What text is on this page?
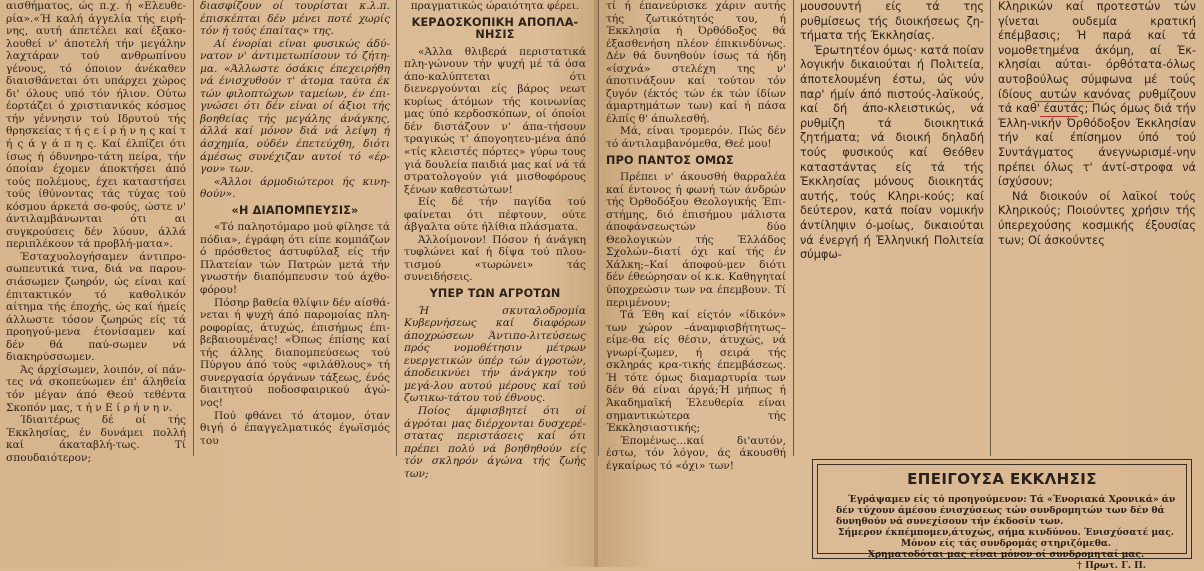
αισθήματος, ώς π.χ. ή «Ελευθε-ρία».«Ή καλή άγγελία τής ειρή-νης, αυτή άπετέλει καί έξακο-λουθεί ν' άποτελή τήν μεγάλην λαχτάραν τού ανθρωπίνου γένους, τό όποιον άνέκαθεν διαισθάνεται ότι υπάρχει χώρος δι' όλους υπό τόν ήλιον. Ούτω έορτάζει ό χριστιανικός κόσμος τήν γέννησιν τού Ιδρυτού τής θρησκείας τ ή ς ε ί ρ ή ν η ς καί τ ή ς ά γ ά π η ς. Καί έλπίζει ότι ίσως ή όδυνηρο-τάτη πείρα, τήν όποίαν έχομεν άποκτήσει άπό τούς πολέμους, έχει καταστήσει τούς ίθύνοντας τάς τύχας τού κόσμου άρκετά σο-φούς, ώστε ν' άντιλαμβάνωνται ότι αι συγκρούσεις δέν λύουν, άλλά περιπλέκουν τά προβλή-ματα».

Έσταχυολογήσαμεν άντιπρο-σωπευτικά τινα, διά να παρου-σιάσωμεν ζωηρόν, ώς είναι καί έπιτακτικόν τό καθολικόν αίτημα τής έποχής, ώς καί ήμείς άλλωστε τόσον ζωηρώς είς τά προηγού-μενα έτονίσαμεν καί δέν θά παύ-σωμεν νά διακηρύσσωμεν.

Άς άρχίσωμεν, λοιπόν, οί πάν-τες νά σκοπεύωμεν έπ' άληθεία τόν μέγαν άπό Θεού τεθέντα Σκοπόν μας, τ ή ν Ε ί ρ ή ν η ν.

Ίδιαιτέρως δέ οί τής Έκκλησίας, έν δυνάμει πολλή καί άκαταβλή-τως. Τί σπουδαιότερον;

διασφίζουν οί τουρίσται κ.λ.π. έπισκέπται δέν μένει ποτέ χωρίς τόν ή τούς έπαίτας» της.

Αί ένορίαι είναι φυσικώς άδύ-νατον ν' άντιμετωπίσουν τό ζήτη-μα. «Άλλωστε όσάκις έπεχειρήθη νά ένισχυθούν τ' άτομα ταύτα έκ τών φιλοπτώχων ταμείων, έν έπι-γνώσει ότι δέν είναι οί άξιοι τής βοηθείας τής μεγάλης άνάγκης, άλλά καί μόνον διά νά λείψη ή άσχημία, ούδέν έπετεύχθη, διότι άμέσως συνέχιζαν αυτοί τό «έρ-γον» των.

«Άλλοι άρμοδιώτεροι ής κινη-θούν».

«Η ΔΙΑΠΟΜΠΕΥΣΙΣ»

«Τό παληοτόμαρο μού φίλησε τά πόδια», έγράφη ότι είπε κομπάζων ό πρόσθετος άστυφύλαξ είς τήν Πλατείαν τών Πατρών μετά τήν γνωστήν διαπόμπευσιν τού άχθο-φόρου!

Πόσηρ βαθεία θλίψιν δέν αίσθά-νεται ή ψυχή άπό παρομοίας πλη-ροφορίας, άτυχώς, έπισήμως έπι-βεβαιουμένας! «Όπως έπίσης καί τής άλλης διαπομπεύσεως τού Πύργου άπό τούς «φιλάθλους» τή συνεργασία όργάνων τάξεως, ένός διαιτητού ποδοσφαιρικού άγώ-νος!

Πού φθάνει τό άτομον, όταν θιγή ό έπαγγελματικός έγωϊσμός του

πραγματικώς ώραιότητα φέρει.

ΚΕΡΔΟΣΚΟΠΙΚΗ ΑΠΟΠΛΑ-ΝΗΣΙΣ

«Άλλα θλιβερά περιστατικά πλη-γώνουν τήν ψυχή μέ τά όσα άπο-καλύπτεται ότι διενεργούνται είς βάρος νεωτ κυρίως άτόμων τής κοινωνίας μας ύπό κερδοσκόπων, οί όποίοι δέν διστάζουν ν' άπα-τήσουν τραγικώς τ' άπογοητευ-μένα άπό «τίς κλειστές πόρτες» γύρω τους γιά δουλεία παιδιά μας καί νά τά στρατολογούν γιά μισθοφόρους ξένων καθεστώτων!

Είς δέ τήν παγίδα τού φαίνεται ότι πέφτουν, ούτε άβγαλτα ούτε ήλίθια πλάσματα.

Άλλοίμονον! Πόσον ή άνάγκη τυφλώνει καί ή δίψα τού πλου-τισμού «τωρώνει» τάς συνειδήσεις.

ΥΠΕΡ ΤΩΝ ΑΓΡΟΤΩΝ

Ή σκυταλοδρομία Κυβερνήσεως καί διαφόρων άποχρώσεων Άντιπο-λιτεύσεως πρός νομοθέτησιν μέτρων ευεργετικών ύπέρ τών άγροτών, άποδεικνύει τήν άνάγκην τού μεγά-λου αυτού μέρους καί τού ζωτικω-τάτου τού έθνους.

Ποίος άμφισβητεί ότι οί άγρόται μας διέρχονται δυσχερέ-στατας περιστάσεις καί ότι πρέπει πολύ νά βοηθηθούν είς τόν σκληρόν άγώνα τής ζωής των;

τί ή έπανεύρισκε χάριν αυτής τής ζωτικότητός του, ή Έκκλησία ή Όρθόδοξος θά έξασθενήση πλέον έπικινδύνως. Δέν θά δυνηθούν ίσως τά ήδη «ίσχνά» στελέχη της ν' άποτινάξουν καί τούτον τόν ζυγόν (έκτός τών έκ τών ίδίων άμαρτημάτων των) καί ή πάσα έλπίς θ' άπωλεσθή.

Μά, είναι τρομερόν. Πώς δέν τό άντιλαμβανόμεθα, Θεέ μου!

ΠΡΟ ΠΑΝΤΟΣ ΟΜΩΣ

Πρέπει ν' άκουσθή θαρραλέα καί έντονος ή φωνή τών άνδρών τής Όρθοδόξου Θεολογικής Έπι-στήμης, διό έπισήμου μάλιστα άποφάνσεωςτών δύο Θεολογικών τής Έλλάδος Σχολών–διατί όχι καί τής έν Χάλκη;–Καί άποφού-μεν διότι δέν έθεώρησαν οί κ.κ. Καθηγηταί ύποχρεώσιν των να έπεμβουν. Τί περιμένουν;

Τά Έθη καί είςτόν «ίδικόν» των χώρον –άναμφισβήτητως– είμε-θα είς θέσιν, άτυχώς, νά γνωρί-ζωμεν, ή σειρά τής σκληράς κρα-τικής έπεμβάσεως. Ή τότε όμως διαμαρτυρία των δέν θά είναι άργά;Ή μήπως ή Άκαδημαϊκή Έλευθερία είναι σημαντικώτερα τής Έκκλησιαστικής;

Έπομένως...καί δι'αυτόν, έστω, τόν λόγον, άς άκουσθή έγκαίρως τό «όχι» των!

μουσουντή είς τά της ρυθμίσεως τής διοικήσεως ζη-τήματα τής Έκκλησίας.

Έρωτητέον όμως· κατά ποίαν λογικήν δικαιούται ή Πολιτεία, άποτελουμένη έστω, ώς νύν παρ' ήμίν άπό πιστούς-λαϊκούς, καί δή άπο-κλειστικώς, νά ρυθμίζη τά διοικητικά ζητήματα; νά διοική δηλαδή τούς φυσικούς καί Θεόθεν καταστάντας είς τά τής Έκκλησίας μόνους διοικητάς αυτής, τούς Κληρι-κούς; καί δεύτερον, κατά ποίαν νομικήν άντίληψιν ό-μοίως, δικαιούται νά ένεργή ή Έλληνική Πολιτεία σύμφω-

Κληρικών καί προτεστών τών γίνεται ουδεμία κρατική έπέμβασις; Ή παρά καί τά νομοθετημένα άκόμη, αί Έκ-κλησίαι αύται- όρθότατα-όλως αυτοβούλως σύμφωνα μέ τούς ίδίους αυτών κανόνας ρυθμίζουν τά καθ' έαυτάς; Πώς όμως διά τήν Έλλη-νικήν Όρθόδοξον Έκκλησίαν τήν καί έπίσημον ύπό τού Συντάγματος άνεγνωρισμέ-νην πρέπει όλως τ' άντί-στροφα νά ίσχύσουν;

Νά διοικούν οί λαϊκοί τούς Κληρικούς; Ποιούντες χρήσιν τής ύπερεχούσης κοσμικής έξουσίας των; Οί άσκούντες

ΕΠΕΙΓΟΥΣΑ ΕΚΚΛΗΣΙΣ

Έγράψαμεν είς τό προηγούμενον: Τά «Ένοριακά Χρονικά» άν δέν τύχουν άμέσου ένισχύσεως τών συνδρομητών των δέν θά δυνηθούν νά συνεχίσουν τήν έκδοσίν των.

Σήμερον έκπέμπομεν,άτυχώς, σήμα κινδύνου. Ένισχύσατέ μας.

Μόνον είς τάς συνδρομάς στηριζόμεθα.

Χρηματοδόται μας είναι μόνον οί συνδρομηταί μας.

† Πρωτ. Γ. Π.
